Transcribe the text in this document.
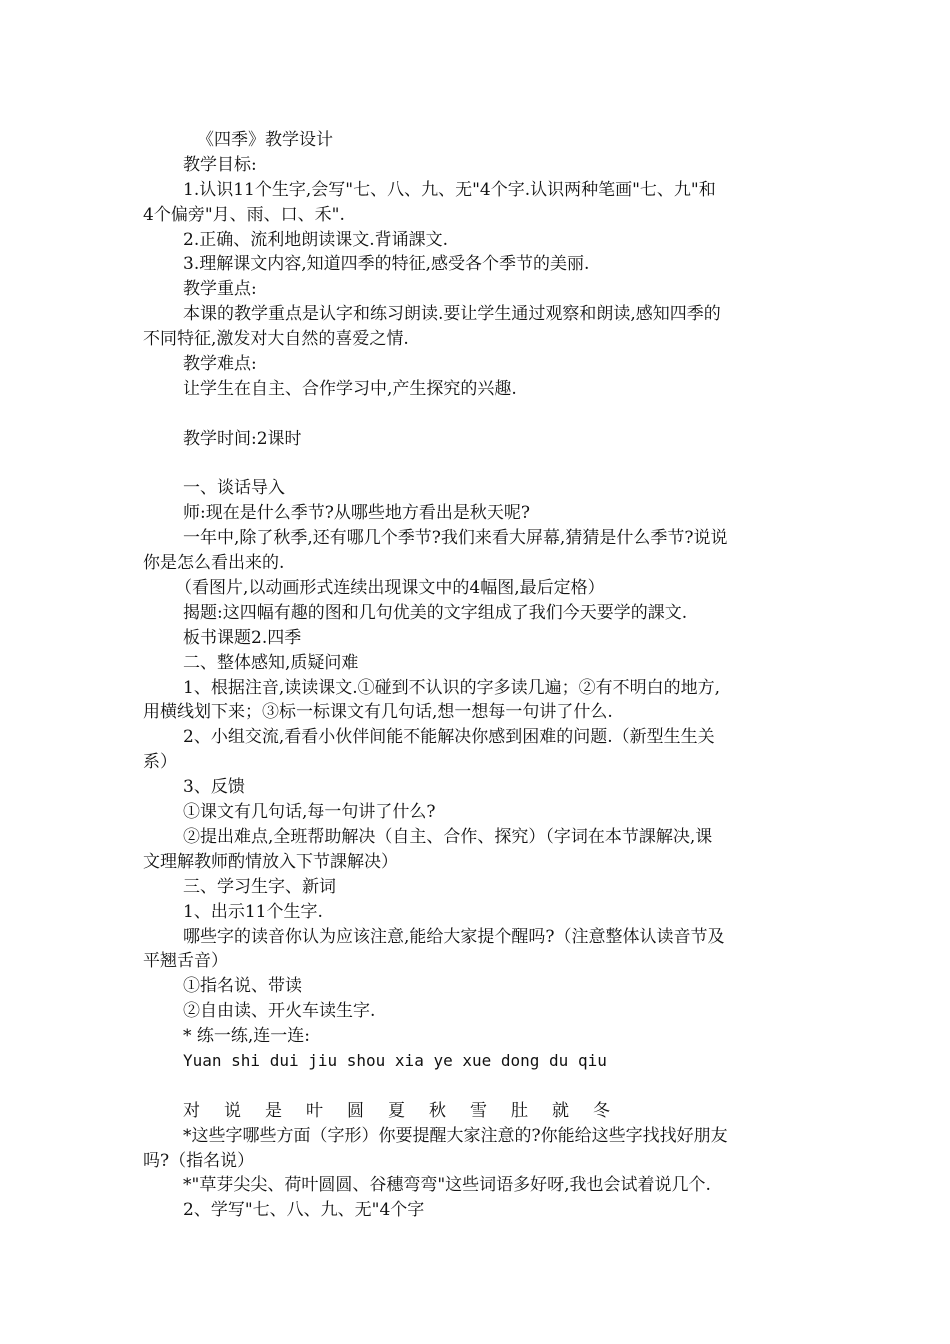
《四季》教学设计
教学目标:
1.认识11个生字,会写"七、八、九、无"4个字.认识两种笔画"七、九"和
4个偏旁"月、雨、口、禾".
2.正确、流利地朗读课文.背诵課文.
3.理解课文内容,知道四季的特征,感受各个季节的美丽.
教学重点:
本课的教学重点是认字和练习朗读.要让学生通过观察和朗读,感知四季的
不同特征,激发对大自然的喜爱之情.
教学难点:
让学生在自主、合作学习中,产生探究的兴趣.
教学时间:2课时
一、谈话导入
师:现在是什么季节?从哪些地方看出是秋天呢?
一年中,除了秋季,还有哪几个季节?我们来看大屏幕,猜猜是什么季节?说说
你是怎么看出来的.
（看图片,以动画形式连续出现课文中的4幅图,最后定格）
揭题:这四幅有趣的图和几句优美的文字组成了我们今天要学的課文.
板书课题2.四季
二、整体感知,质疑问难
1、根据注音,读读课文.①碰到不认识的字多读几遍；②有不明白的地方,
用横线划下来；③标一标课文有几句话,想一想每一句讲了什么.
2、小组交流,看看小伙伴间能不能解决你感到困难的问题.（新型生生关
系）
3、反馈
①课文有几句话,每一句讲了什么?
②提出难点,全班帮助解决（自主、合作、探究）（字词在本节課解决,课
文理解教师酌情放入下节課解决）
三、学习生字、新词
1、出示11个生字.
哪些字的读音你认为应该注意,能给大家提个醒吗?（注意整体认读音节及
平翘舌音）
①指名说、带读
②自由读、开火车读生字.
* 练一练,连一连:
Yuan shi dui jiu shou xia ye xue dong du qiu
对 说 是 叶 圆 夏 秋 雪 肚 就 冬
*这些字哪些方面（字形）你要提醒大家注意的?你能给这些字找找好朋友
吗?（指名说）
*"草芽尖尖、荷叶圆圆、谷穗弯弯"这些词语多好呀,我也会试着说几个.
2、学写"七、八、九、无"4个字
